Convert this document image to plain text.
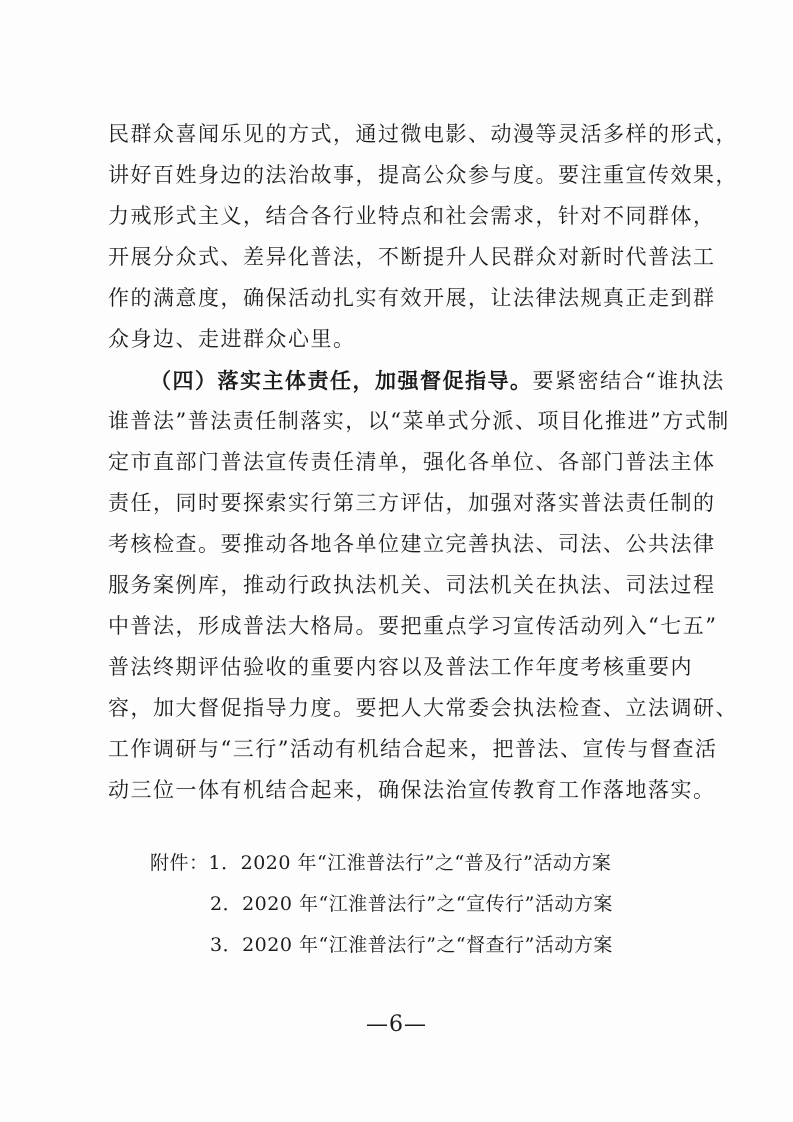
民群众喜闻乐见的方式，通过微电影、动漫等灵活多样的形式，
讲好百姓身边的法治故事，提高公众参与度。要注重宣传效果，
力戒形式主义，结合各行业特点和社会需求，针对不同群体，
开展分众式、差异化普法，不断提升人民群众对新时代普法工
作的满意度，确保活动扎实有效开展，让法律法规真正走到群
众身边、走进群众心里。
（四）落实主体责任，加强督促指导。要紧密结合“谁执法
谁普法”普法责任制落实，以“菜单式分派、项目化推进”方式制
定市直部门普法宣传责任清单，强化各单位、各部门普法主体
责任，同时要探索实行第三方评估，加强对落实普法责任制的
考核检查。要推动各地各单位建立完善执法、司法、公共法律
服务案例库，推动行政执法机关、司法机关在执法、司法过程
中普法，形成普法大格局。要把重点学习宣传活动列入“七五”
普法终期评估验收的重要内容以及普法工作年度考核重要内
容，加大督促指导力度。要把人大常委会执法检查、立法调研、
工作调研与“三行”活动有机结合起来，把普法、宣传与督查活
动三位一体有机结合起来，确保法治宣传教育工作落地落实。
附件：1．2020 年“江淮普法行”之“普及行”活动方案
2．2020 年“江淮普法行”之“宣传行”活动方案
3．2020 年“江淮普法行”之“督查行”活动方案
—6—
